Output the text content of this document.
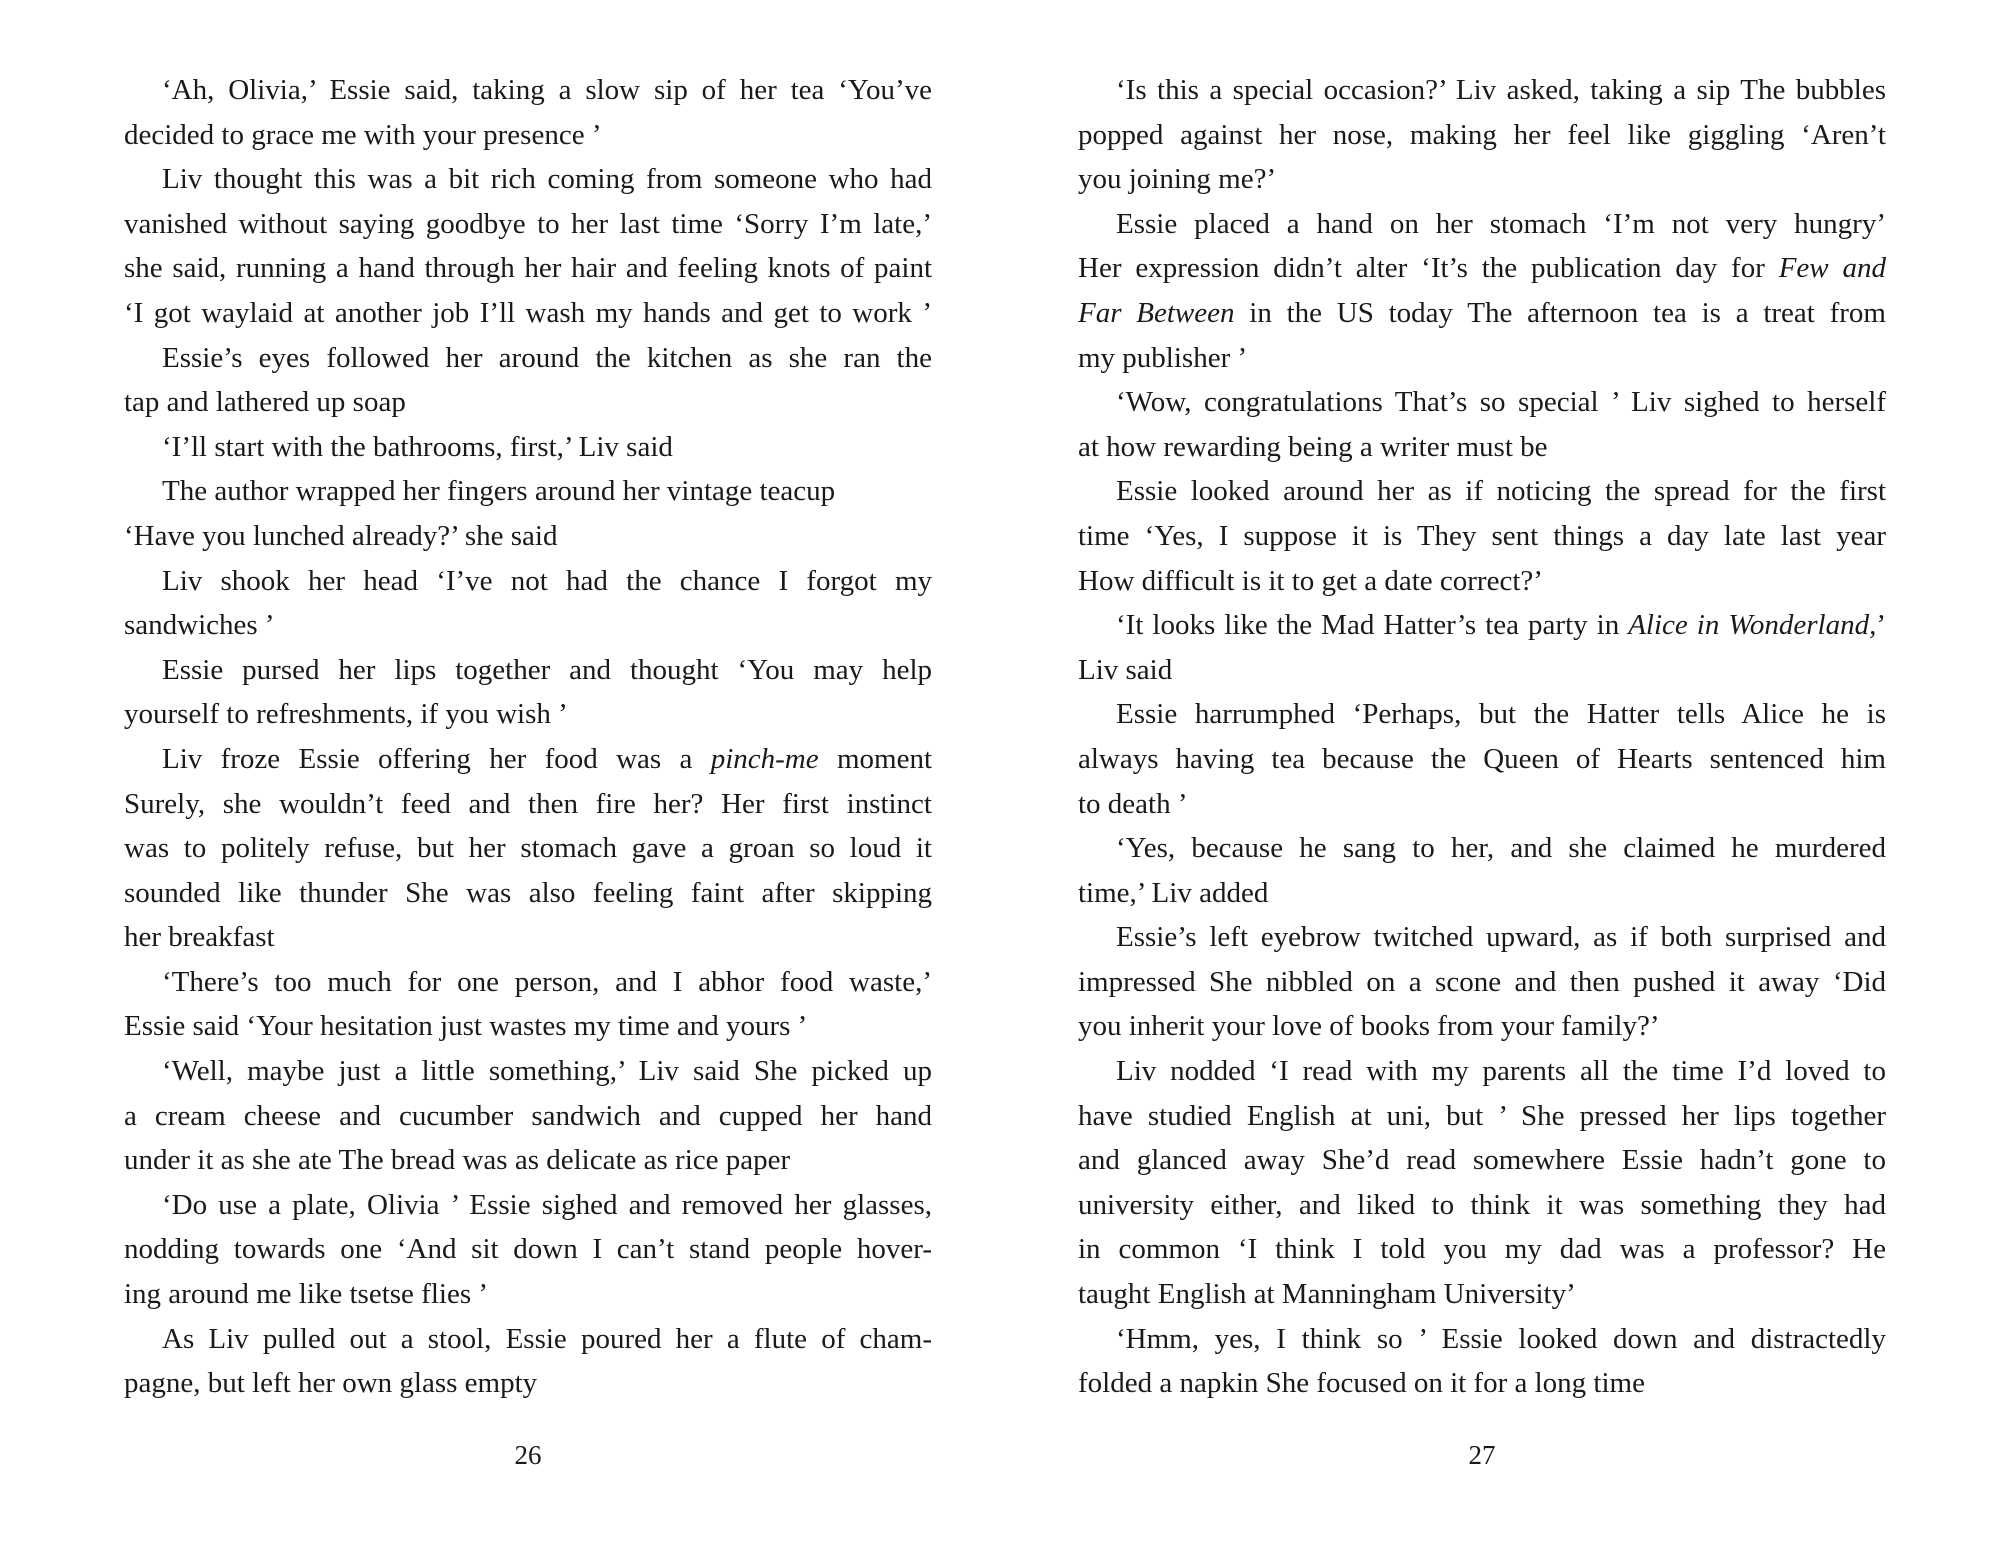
‘Ah, Olivia,’ Essie said, taking a slow sip of her tea ‘You’ve
decided to grace me with your presence ’
Liv thought this was a bit rich coming from someone who had
vanished without saying goodbye to her last time ‘Sorry I’m late,’
she said, running a hand through her hair and feeling knots of paint
‘I got waylaid at another job I’ll wash my hands and get to work ’
Essie’s eyes followed her around the kitchen as she ran the
tap and lathered up soap
‘I’ll start with the bathrooms, first,’ Liv said
The author wrapped her fingers around her vintage teacup
‘Have you lunched already?’ she said
Liv shook her head ‘I’ve not had the chance I forgot my
sandwiches ’
Essie pursed her lips together and thought ‘You may help
yourself to refreshments, if you wish ’
Liv froze Essie offering her food was a pinch-me moment
Surely, she wouldn’t feed and then fire her? Her first instinct
was to politely refuse, but her stomach gave a groan so loud it
sounded like thunder She was also feeling faint after skipping
her breakfast
‘There’s too much for one person, and I abhor food waste,’
Essie said ‘Your hesitation just wastes my time and yours ’
‘Well, maybe just a little something,’ Liv said She picked up
a cream cheese and cucumber sandwich and cupped her hand
under it as she ate The bread was as delicate as rice paper
‘Do use a plate, Olivia ’ Essie sighed and removed her glasses,
nodding towards one ‘And sit down I can’t stand people hover-
ing around me like tsetse flies ’
As Liv pulled out a stool, Essie poured her a flute of cham-
pagne, but left her own glass empty
26
‘Is this a special occasion?’ Liv asked, taking a sip The bubbles
popped against her nose, making her feel like giggling ‘Aren’t
you joining me?’
Essie placed a hand on her stomach ‘I’m not very hungry’
Her expression didn’t alter ‘It’s the publication day for Few and
Far Between in the US today The afternoon tea is a treat from
my publisher ’
‘Wow, congratulations That’s so special ’ Liv sighed to herself
at how rewarding being a writer must be
Essie looked around her as if noticing the spread for the first
time ‘Yes, I suppose it is They sent things a day late last year
How difficult is it to get a date correct?’
‘It looks like the Mad Hatter’s tea party in Alice in Wonderland,’
Liv said
Essie harrumphed ‘Perhaps, but the Hatter tells Alice he is
always having tea because the Queen of Hearts sentenced him
to death ’
‘Yes, because he sang to her, and she claimed he murdered
time,’ Liv added
Essie’s left eyebrow twitched upward, as if both surprised and
impressed She nibbled on a scone and then pushed it away ‘Did
you inherit your love of books from your family?’
Liv nodded ‘I read with my parents all the time I’d loved to
have studied English at uni, but ’ She pressed her lips together
and glanced away She’d read somewhere Essie hadn’t gone to
university either, and liked to think it was something they had
in common ‘I think I told you my dad was a professor? He
taught English at Manningham University’
‘Hmm, yes, I think so ’ Essie looked down and distractedly
folded a napkin She focused on it for a long time
27
